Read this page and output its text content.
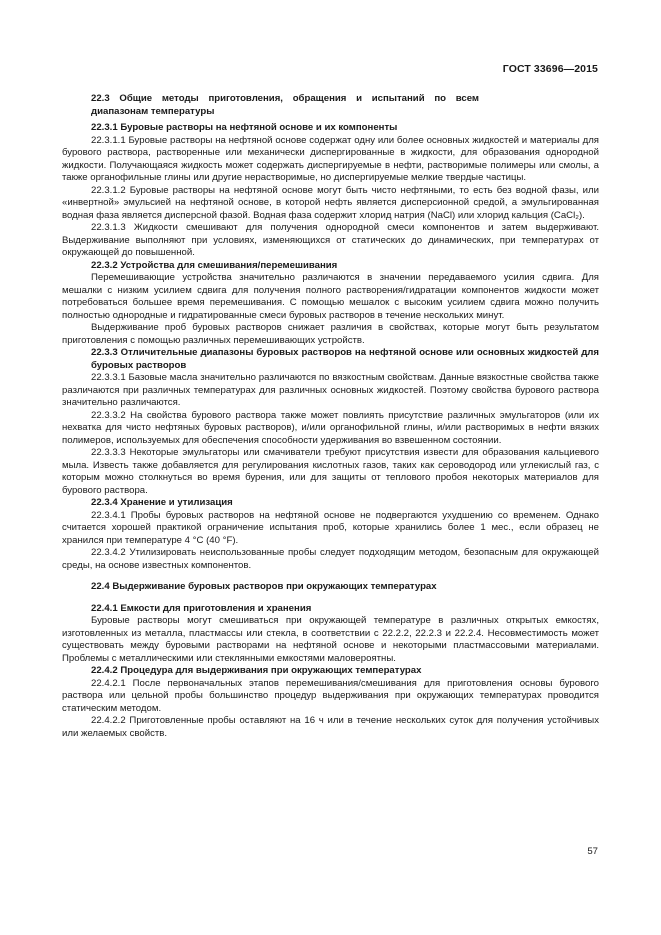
ГОСТ 33696—2015

22.3 Общие методы приготовления, обращения и испытаний по всем диапазонам температуры

22.3.1 Буровые растворы на нефтяной основе и их компоненты

22.3.1.1 Буровые растворы на нефтяной основе содержат одну или более основных жидкостей и материалы для бурового раствора, растворенные или механически диспергированные в жидкости, для образования однородной жидкости. Получающаяся жидкость может содержать диспергируемые в нефти, растворимые полимеры или смолы, а также органофильные глины или другие нерастворимые, но диспергируемые мелкие твердые частицы.

22.3.1.2 Буровые растворы на нефтяной основе могут быть чисто нефтяными, то есть без водной фазы, или «инвертной» эмульсией на нефтяной основе, в которой нефть является дисперсионной средой, а эмульгированная водная фаза является дисперсной фазой. Водная фаза содержит хлорид натрия (NaCl) или хлорид кальция (CaCl₂).

22.3.1.3 Жидкости смешивают для получения однородной смеси компонентов и затем выдерживают. Выдерживание выполняют при условиях, изменяющихся от статических до динамических, при температурах от окружающей до повышенной.

22.3.2 Устройства для смешивания/перемешивания

Перемешивающие устройства значительно различаются в значении передаваемого усилия сдвига. Для мешалки с низким усилием сдвига для получения полного растворения/гидратации компонентов жидкости может потребоваться большее время перемешивания. С помощью мешалок с высоким усилием сдвига можно получить полностью однородные и гидратированные смеси буровых растворов в течение нескольких минут.

Выдерживание проб буровых растворов снижает различия в свойствах, которые могут быть результатом приготовления с помощью различных перемешивающих устройств.

22.3.3 Отличительные диапазоны буровых растворов на нефтяной основе или основных жидкостей для буровых растворов

22.3.3.1 Базовые масла значительно различаются по вязкостным свойствам. Данные вязкостные свойства также различаются при различных температурах для различных основных жидкостей. Поэтому свойства бурового раствора значительно различаются.

22.3.3.2 На свойства бурового раствора также может повлиять присутствие различных эмульгаторов (или их нехватка для чисто нефтяных буровых растворов), и/или органофильной глины, и/или растворимых в нефти вязких полимеров, используемых для обеспечения способности удерживания во взвешенном состоянии.

22.3.3.3 Некоторые эмульгаторы или смачиватели требуют присутствия извести для образования кальциевого мыла. Известь также добавляется для регулирования кислотных газов, таких как сероводород или углекислый газ, с которым можно столкнуться во время бурения, или для защиты от теплового пробоя некоторых материалов для бурового раствора.

22.3.4 Хранение и утилизация

22.3.4.1 Пробы буровых растворов на нефтяной основе не подвергаются ухудшению со временем. Однако считается хорошей практикой ограничение испытания проб, которые хранились более 1 мес., если образец не хранился при температуре 4 °C (40 °F).

22.3.4.2 Утилизировать неиспользованные пробы следует подходящим методом, безопасным для окружающей среды, на основе известных компонентов.

22.4 Выдерживание буровых растворов при окружающих температурах

22.4.1 Емкости для приготовления и хранения

Буровые растворы могут смешиваться при окружающей температуре в различных открытых емкостях, изготовленных из металла, пластмассы или стекла, в соответствии с 22.2.2, 22.2.3 и 22.2.4. Несовместимость может существовать между буровыми растворами на нефтяной основе и некоторыми пластмассовыми материалами. Проблемы с металлическими или стеклянными емкостями маловероятны.

22.4.2 Процедура для выдерживания при окружающих температурах

22.4.2.1 После первоначальных этапов перемешивания/смешивания для приготовления основы бурового раствора или цельной пробы большинство процедур выдерживания при окружающих температурах проводится статическим методом.

22.4.2.2 Приготовленные пробы оставляют на 16 ч или в течение нескольких суток для получения устойчивых или желаемых свойств.

57
